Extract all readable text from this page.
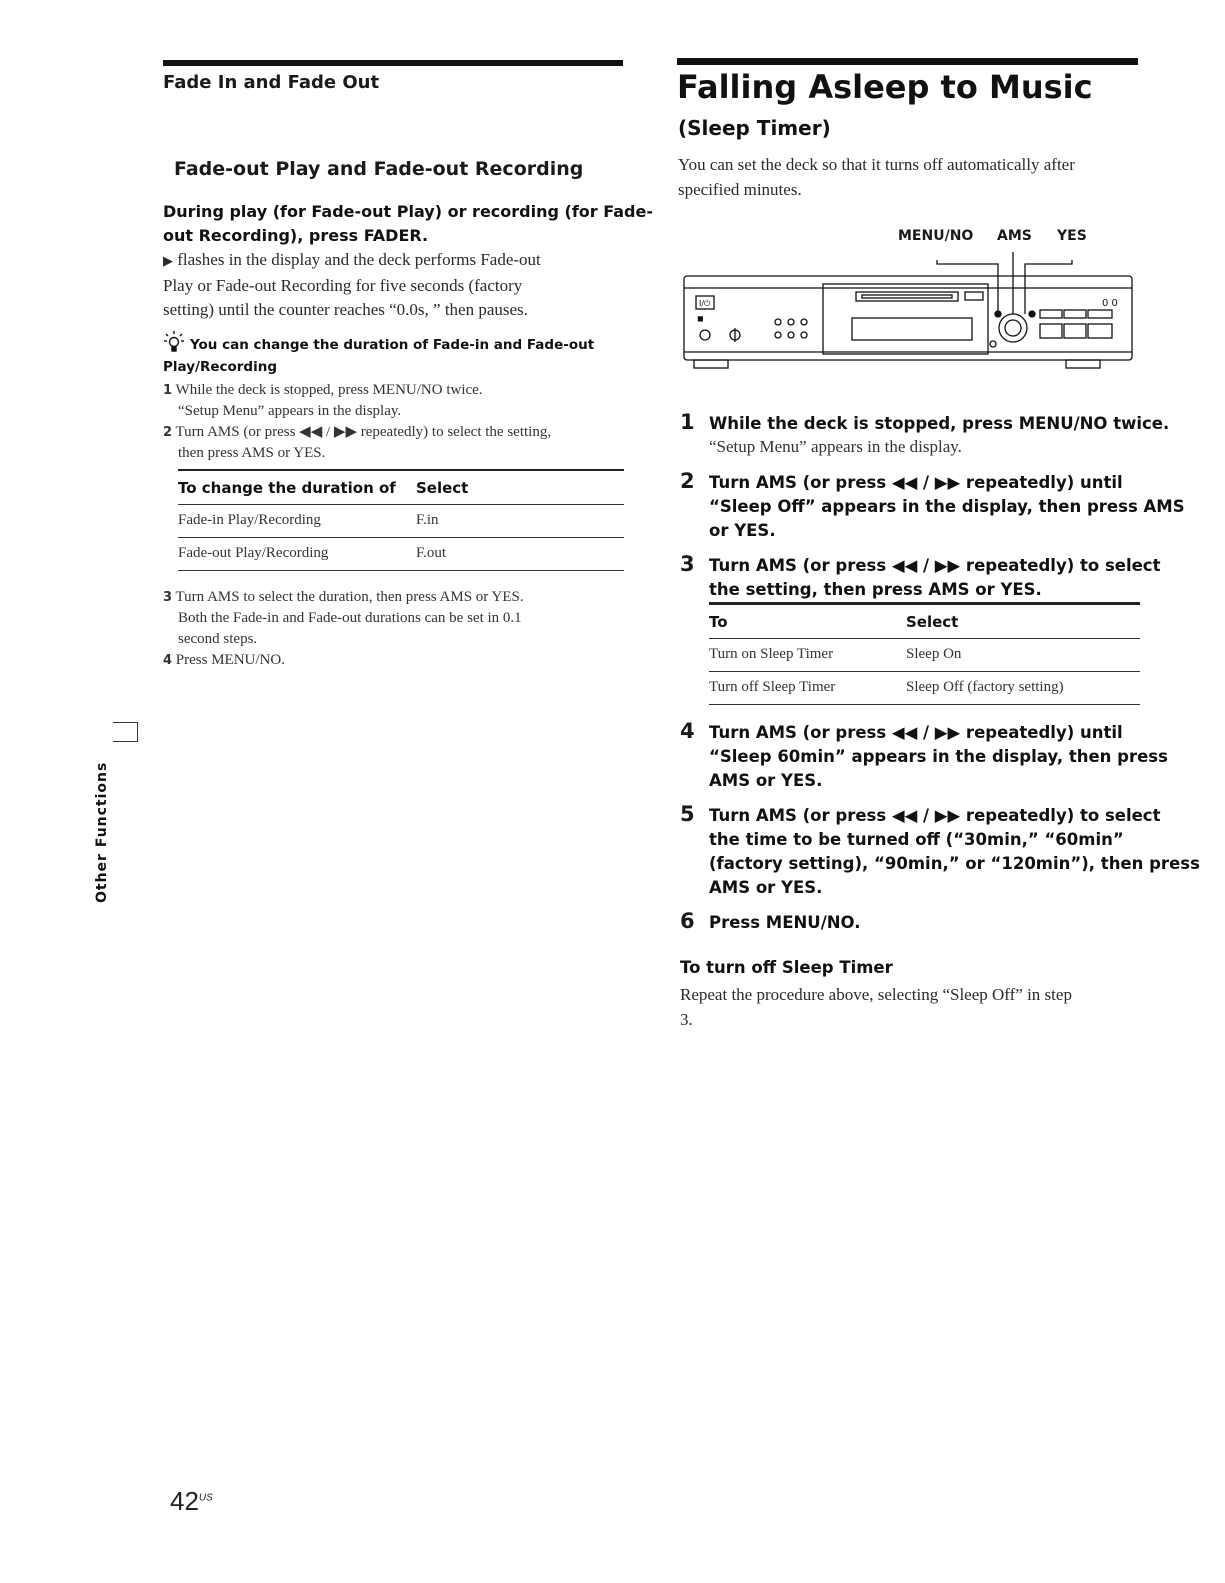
Fade In and Fade Out
Fade-out Play and Fade-out Recording
During play (for Fade-out Play) or recording (for Fade-
out Recording), press FADER.
▶ flashes in the display and the deck performs Fade-out
Play or Fade-out Recording for five seconds (factory
setting) until the counter reaches “0.0s, ” then pauses.
You can change the duration of Fade-in and Fade-out
Play/Recording
1 While the deck is stopped, press MENU/NO twice.
“Setup Menu” appears in the display.
2 Turn AMS (or press ◀◀ / ▶▶ repeatedly) to select the setting,
then press AMS or YES.
To change the duration of Select
Fade-in Play/Recording	F.in
Fade-out Play/Recording	F.out
3 Turn AMS to select the duration, then press AMS or YES.
Both the Fade-in and Fade-out durations can be set in 0.1
second steps.
4 Press MENU/NO.
Other Functions
$42^{US}$
Falling Asleep to Music
(Sleep Timer)
You can set the deck so that it turns off automatically after
specified minutes.
MENU/NO AMS YES
I/⏻
◼
0 0
1 While the deck is stopped, press MENU/NO twice.
“Setup Menu” appears in the display.
2 Turn AMS (or press ◀◀ / ▶▶ repeatedly) until
“Sleep Off” appears in the display, then press AMS
or YES.
3 Turn AMS (or press ◀◀ / ▶▶ repeatedly) to select
the setting, then press AMS or YES.
To	Select
Turn on Sleep Timer	Sleep On
Turn off Sleep Timer	Sleep Off (factory setting)
4 Turn AMS (or press ◀◀ / ▶▶ repeatedly) until
“Sleep 60min” appears in the display, then press
AMS or YES.
5 Turn AMS (or press ◀◀ / ▶▶ repeatedly) to select
the time to be turned off (“30min,” “60min”
(factory setting), “90min,” or “120min”), then press
AMS or YES.
6 Press MENU/NO.
To turn off Sleep Timer
Repeat the procedure above, selecting “Sleep Off” in step
3.
